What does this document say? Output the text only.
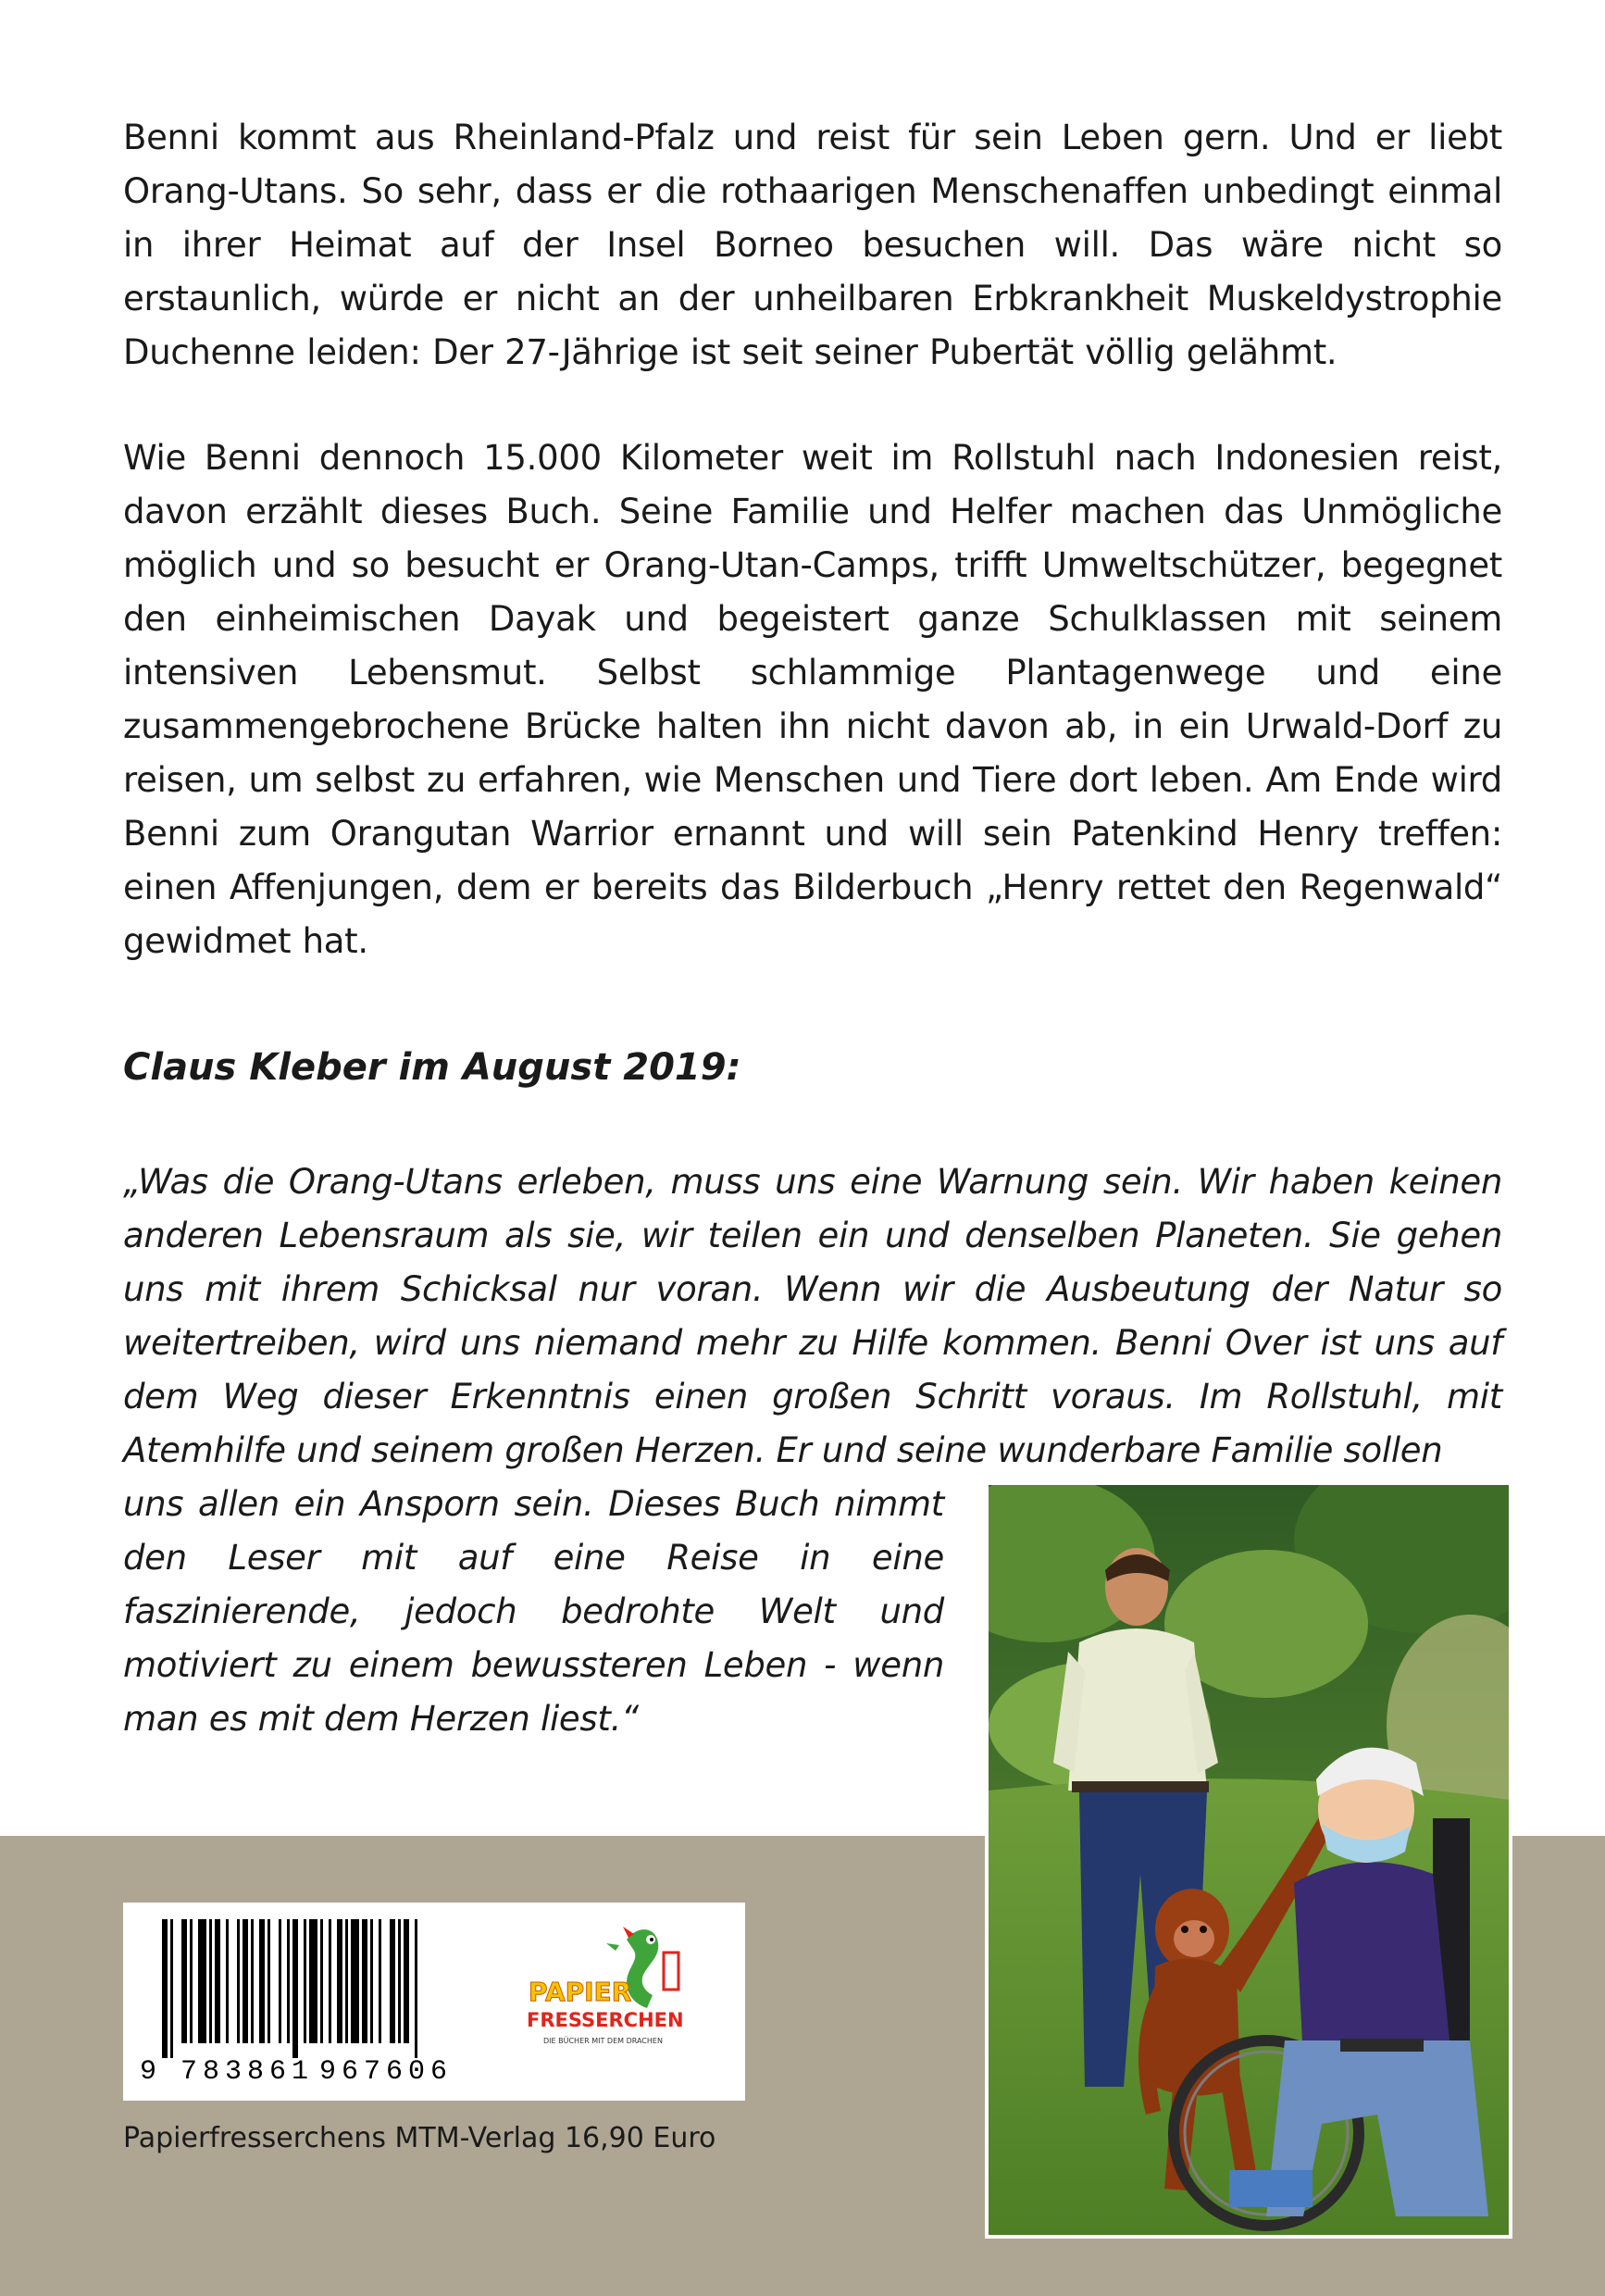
Benni kommt aus Rheinland-Pfalz und reist für sein Leben gern. Und er liebt Orang-Utans. So sehr, dass er die rothaarigen Menschenaffen unbedingt einmal in ihrer Heimat auf der Insel Borneo besuchen will. Das wäre nicht so erstaunlich, würde er nicht an der unheilbaren Erbkrankheit Muskeldystrophie Duchenne leiden: Der 27-Jährige ist seit seiner Pubertät völlig gelähmt.

Wie Benni dennoch 15.000 Kilometer weit im Rollstuhl nach Indonesien reist, davon erzählt dieses Buch. Seine Familie und Helfer machen das Unmögliche möglich und so besucht er Orang-Utan-Camps, trifft Umweltschützer, begegnet den einheimischen Dayak und begeistert ganze Schulklassen mit seinem intensiven Lebensmut. Selbst schlammige Plantagenwege und eine zusammengebrochene Brücke halten ihn nicht davon ab, in ein Urwald-Dorf zu reisen, um selbst zu erfahren, wie Menschen und Tiere dort leben. Am Ende wird Benni zum Orangutan Warrior ernannt und will sein Patenkind Henry treffen: einen Affenjungen, dem er bereits das Bilderbuch „Henry rettet den Regenwald“ gewidmet hat.

Claus Kleber im August 2019:

„Was die Orang-Utans erleben, muss uns eine Warnung sein. Wir haben keinen anderen Lebensraum als sie, wir teilen ein und denselben Planeten. Sie gehen uns mit ihrem Schicksal nur voran. Wenn wir die Ausbeutung der Natur so weitertreiben, wird uns niemand mehr zu Hilfe kommen. Benni Over ist uns auf dem Weg dieser Erkenntnis einen großen Schritt voraus. Im Rollstuhl, mit Atemhilfe und seinem großen Herzen. Er und seine wunderbare Familie sollen

uns allen ein Ansporn sein. Dieses Buch nimmt den Leser mit auf eine Reise in eine faszinierende, jedoch bedrohte Welt und motiviert zu einem bewussteren Leben - wenn man es mit dem Herzen liest.“

9 783861 967606
PAPIER
FRESSERCHEN
DIE BÜCHER MIT DEM DRACHEN

Papierfresserchens MTM-Verlag 16,90 Euro
